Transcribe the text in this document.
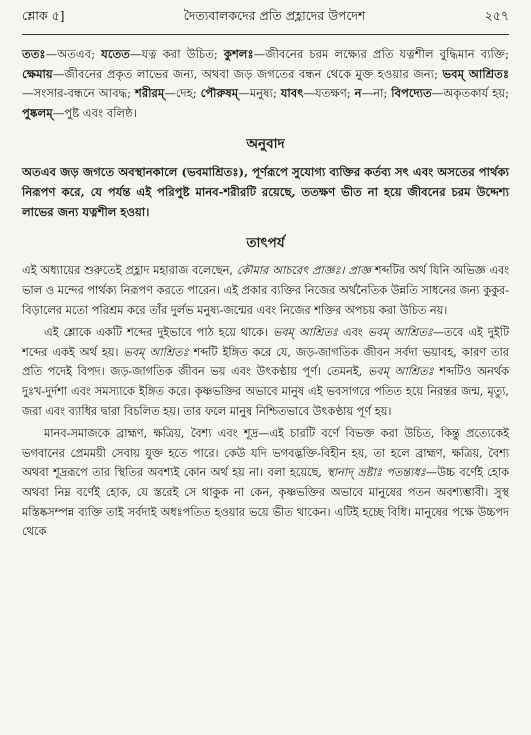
শ্লোক ৫]	দৈত্যবালকদের প্রতি প্রহ্লাদের উপদেশ	২৫৭

ততঃ—অতএব; যতেত—যত্ন করা উচিত; কুশলঃ—জীবনের চরম লক্ষ্যের প্রতি যত্নশীল বুদ্ধিমান ব্যক্তি; ক্ষেমায়—জীবনের প্রকৃত লাভের জন্য, অথবা জড় জগতের বন্ধন থেকে মুক্ত হওয়ার জন্য; ভবম্ আশ্রিতঃ—সংসার-বন্ধনে আবদ্ধ; শরীরম্—দেহ; পৌরুষম্—মনুষ্য; যাবৎ—যতক্ষণ; ন—না; বিপদ্যেত—অকৃতকার্য হয়; পুষ্কলম্—পুষ্ট এবং বলিষ্ঠ।

অনুবাদ

অতএব জড় জগতে অবস্থানকালে (ভবমাশ্রিতঃ), পূর্ণরূপে সুযোগ্য ব্যক্তির কর্তব্য সৎ এবং অসতের পার্থক্য নিরূপণ করে, যে পর্যন্ত এই পরিপুষ্ট মানব-শরীরটি রয়েছে, ততক্ষণ ভীত না হয়ে জীবনের চরম উদ্দেশ্য লাভের জন্য যত্নশীল হওয়া।

তাৎপর্য

এই অধ্যায়ের শুরুতেই প্রহ্লাদ মহারাজ বলেছেন, কৌমার আচরেৎ প্রাজ্ঞঃ। প্রাজ্ঞ শব্দটির অর্থ যিনি অভিজ্ঞ এবং ভাল ও মন্দের পার্থক্য নিরূপণ করতে পারেন। এই প্রকার ব্যক্তির নিজের অর্থনৈতিক উন্নতি সাধনের জন্য কুকুর-বিড়ালের মতো পরিশ্রম করে তাঁর দুর্লভ মনুষ্য-জন্মের এবং নিজের শক্তির অপচয় করা উচিত নয়।

এই শ্লোকে একটি শব্দের দুইভাবে পাঠ হয়ে থাকে। ভবম্ আশ্রিতঃ এবং ভবম্ আশ্রিতঃ—তবে এই দুইটি শব্দের একই অর্থ হয়। ভবম্ আশ্রিতঃ শব্দটি ইঙ্গিত করে যে, জড়-জাগতিক জীবন সর্বদা ভয়াবহ, কারণ তার প্রতি পদেই বিপদ। জড়-জাগতিক জীবন ভয় এবং উৎকণ্ঠায় পূর্ণ। তেমনই, ভবম্ আশ্রিতঃ শব্দটিও অনর্থক দুঃখ-দুর্দশা এবং সমস্যাকে ইঙ্গিত করে। কৃষ্ণভক্তির অভাবে মানুষ এই ভবসাগরে পতিত হয়ে নিরন্তর জন্ম, মৃত্যু, জরা এবং ব্যাধির দ্বারা বিচলিত হয়। তার ফলে মানুষ নিশ্চিতভাবে উৎকণ্ঠায় পূর্ণ হয়।

মানব-সমাজকে ব্রাহ্মণ, ক্ষত্রিয়, বৈশ্য এবং শূদ্র—এই চারটি বর্ণে বিভক্ত করা উচিত, কিন্তু প্রত্যেকেই ভগবানের প্রেমময়ী সেবায় যুক্ত হতে পারে। কেউ যদি ভগবদ্ভক্তি-বিহীন হয়, তা হলে ব্রাহ্মণ, ক্ষত্রিয়, বৈশ্য অথবা শূদ্ররূপে তার স্থিতির অবশ্যই কোন অর্থ হয় না। বলা হয়েছে, স্থানাদ্ ভ্রষ্টাঃ পতন্ত্যধঃ—উচ্চ বর্ণেই হোক অথবা নিম্ন বর্ণেই হোক, যে স্তরেই সে থাকুক না কেন, কৃষ্ণভক্তির অভাবে মানুষের পতন অবশ্যম্ভাবী। সুস্থ মস্তিষ্কসম্পন্ন ব্যক্তি তাই সর্বদাই অধঃপতিত হওয়ার ভয়ে ভীত থাকেন। এটিই হচ্ছে বিধি। মানুষের পক্ষে উচ্চপদ থেকে
